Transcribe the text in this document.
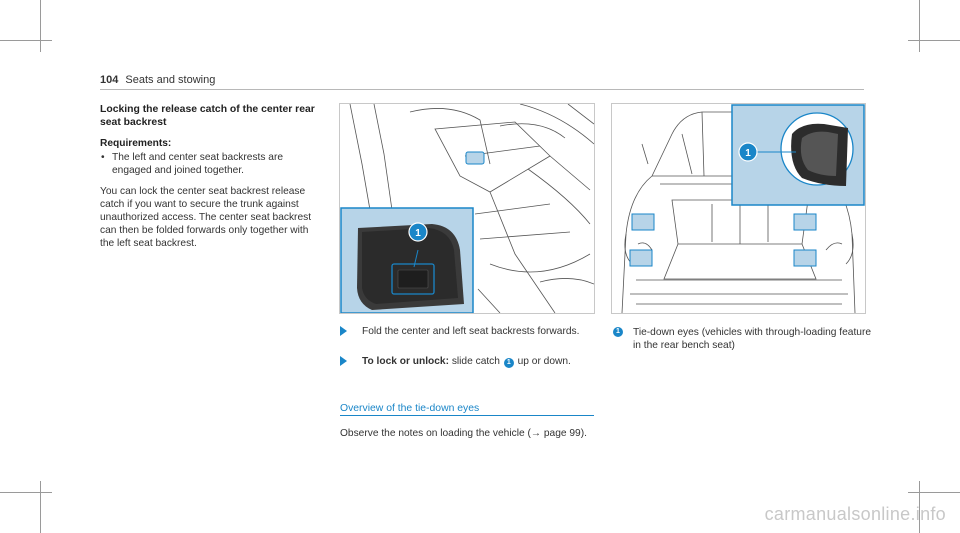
104 Seats and stowing
Locking the release catch of the center rear seat backrest
Requirements:
• The left and center seat backrests are engaged and joined together.

You can lock the center seat backrest release catch if you want to secure the trunk against unauthorized access. The center seat backrest can then be folded forwards only together with the left seat backrest.

1
Fold the center and left seat backrests forwards.
To lock or unlock: slide catch 1 up or down.
Overview of the tie-down eyes
Observe the notes on loading the vehicle (→ page 99).
1
1	Tie-down eyes (vehicles with through-loading feature in the rear bench seat)
carmanualsonline.info
